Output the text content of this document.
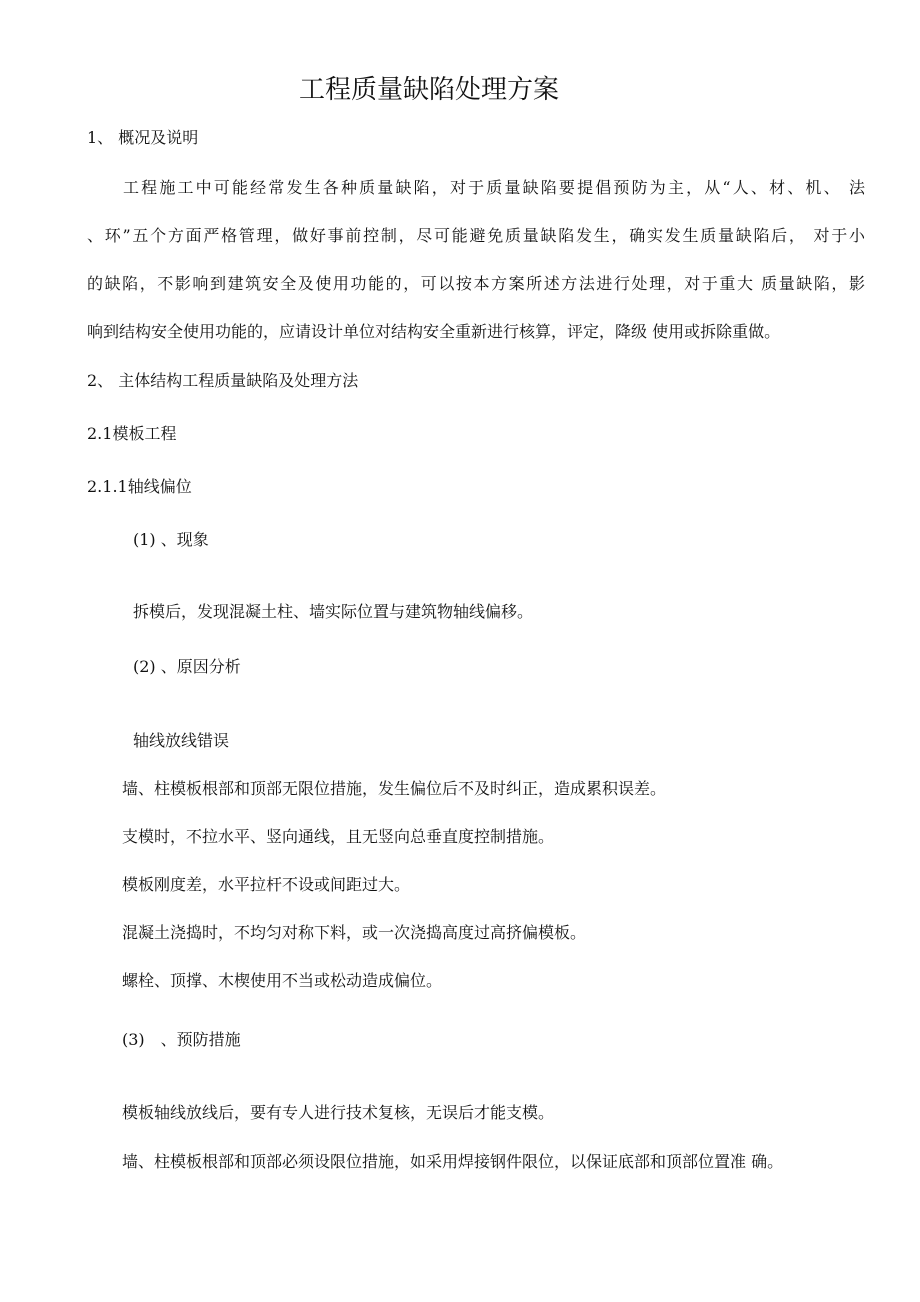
工程质量缺陷处理方案
1、 概况及说明
工程施工中可能经常发生各种质量缺陷，对于质量缺陷要提倡预防为主，从“人、材、机、 法
、环”五个方面严格管理，做好事前控制，尽可能避免质量缺陷发生，确实发生质量缺陷后， 对于小
的缺陷，不影响到建筑安全及使用功能的，可以按本方案所述方法进行处理，对于重大 质量缺陷，影
响到结构安全使用功能的，应请设计单位对结构安全重新进行核算，评定，降级 使用或拆除重做。
2、 主体结构工程质量缺陷及处理方法
2.1模板工程
2.1.1轴线偏位
(1) 、现象
拆模后，发现混凝土柱、墙实际位置与建筑物轴线偏移。
(2) 、原因分析
轴线放线错误
墙、柱模板根部和顶部无限位措施，发生偏位后不及时纠正，造成累积误差。
支模时，不拉水平、竖向通线，且无竖向总垂直度控制措施。
模板刚度差，水平拉杆不设或间距过大。
混凝土浇捣时，不均匀对称下料，或一次浇捣高度过高挤偏模板。
螺栓、顶撑、木楔使用不当或松动造成偏位。
(3)　、预防措施
模板轴线放线后，要有专人进行技术复核，无误后才能支模。
墙、柱模板根部和顶部必须设限位措施，如采用焊接钢件限位，以保证底部和顶部位置准 确。
